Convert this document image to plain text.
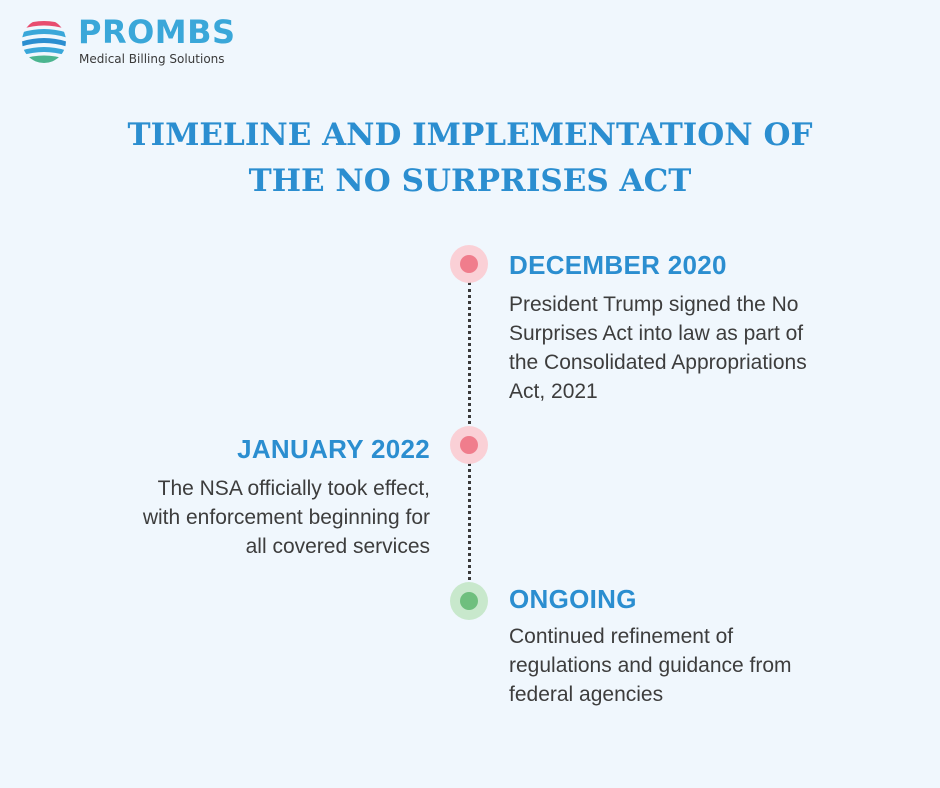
PROMBS
Medical Billing Solutions
TIMELINE AND IMPLEMENTATION OF
THE NO SURPRISES ACT
DECEMBER 2020

President Trump signed the No
Surprises Act into law as part of
the Consolidated Appropriations
Act, 2021

JANUARY 2022

The NSA officially took effect,
with enforcement beginning for
all covered services

ONGOING

Continued refinement of
regulations and guidance from
federal agencies
